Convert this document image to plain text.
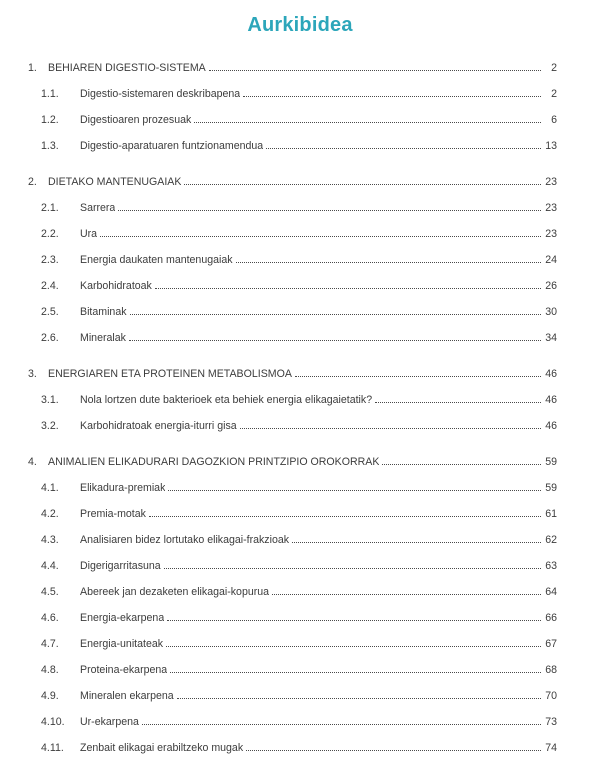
Aurkibidea
1.	BEHIAREN DIGESTIO-SISTEMA	2
1.1.	Digestio-sistemaren deskribapena	2
1.2.	Digestioaren prozesuak	6
1.3.	Digestio-aparatuaren funtzionamendua	13
2.	DIETAKO MANTENUGAIAK	23
2.1.	Sarrera	23
2.2.	Ura	23
2.3.	Energia daukaten mantenugaiak	24
2.4.	Karbohidratoak	26
2.5.	Bitaminak	30
2.6.	Mineralak	34
3.	ENERGIAREN ETA PROTEINEN METABOLISMOA	46
3.1.	Nola lortzen dute bakterioek eta behiek energia elikagaietatik?	46
3.2.	Karbohidratoak energia-iturri gisa	46
4.	ANIMALIEN ELIKADURARI DAGOZKION PRINTZIPIO OROKORRAK	59
4.1.	Elikadura-premiak	59
4.2.	Premia-motak	61
4.3.	Analisiaren bidez lortutako elikagai-frakzioak	62
4.4.	Digerigarritasuna	63
4.5.	Abereek jan dezaketen elikagai-kopurua	64
4.6.	Energia-ekarpena	66
4.7.	Energia-unitateak	67
4.8.	Proteina-ekarpena	68
4.9.	Mineralen ekarpena	70
4.10.	Ur-ekarpena	73
4.11.	Zenbait elikagai erabiltzeko mugak	74
